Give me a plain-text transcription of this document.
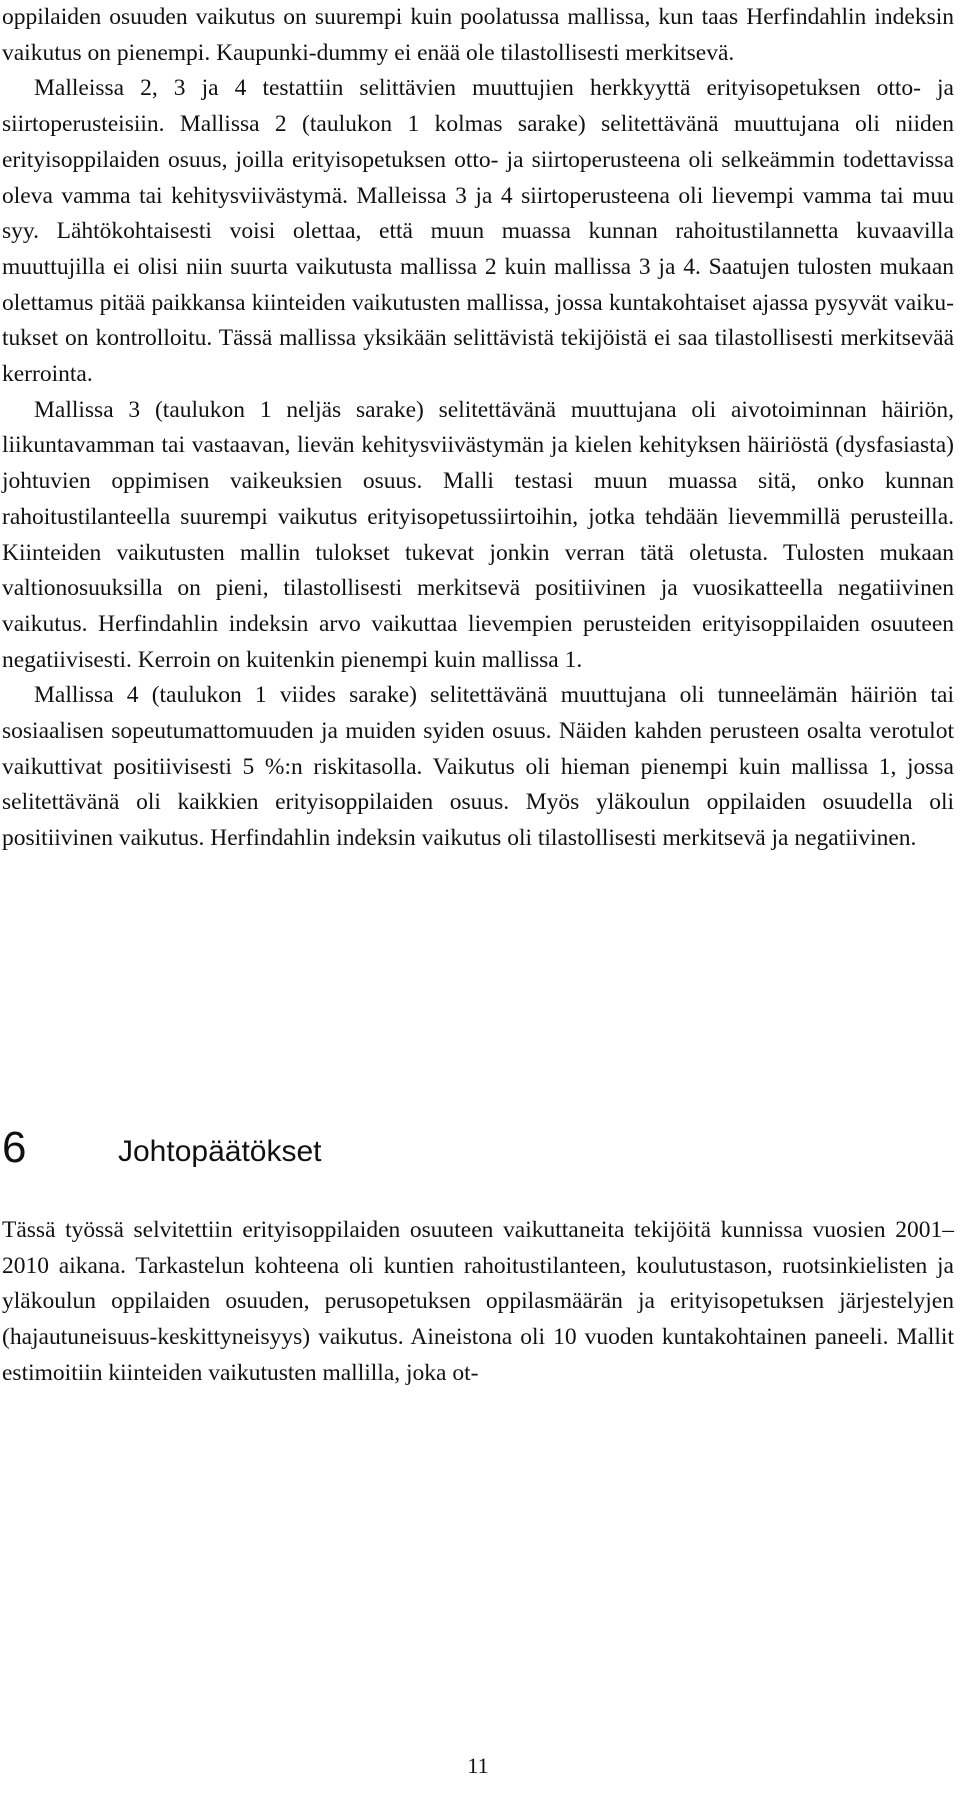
oppilaiden osuuden vaikutus on suurempi kuin poolatussa mallissa, kun taas Herfindahlin indeksin vaikutus on pienempi. Kaupunki-dummy ei enää ole tilastollisesti merkitsevä.

Malleissa 2, 3 ja 4 testattiin selittävien muuttujien herkkyyttä erityisopetuksen otto- ja siirtoperusteisiin. Mallissa 2 (taulukon 1 kolmas sarake) selitettävänä muuttujana oli niiden erityisoppilaiden osuus, joilla erityisopetuksen otto- ja siirtoperusteena oli selkeämmin todettavissa oleva vamma tai kehitysviivästymä. Malleissa 3 ja 4 siirtoperusteena oli lievempi vamma tai muu syy. Lähtökohtaisesti voisi olettaa, että muun muassa kunnan rahoitustilannetta kuvaavilla muuttujilla ei olisi niin suurta vaikutusta mallissa 2 kuin mallissa 3 ja 4. Saatujen tulosten mukaan olettamus pitää paikkansa kiinteiden vaikutusten mallissa, jossa kuntakohtaiset ajassa pysyvät vaikutukset on kontrolloitu. Tässä mallissa yksikään selittävistä tekijöistä ei saa tilastollisesti merkitsevää kerrointa.

Mallissa 3 (taulukon 1 neljäs sarake) selitettävänä muuttujana oli aivotoiminnan häiriön, liikuntavamman tai vastaavan, lievän kehitysviivästymän ja kielen kehityksen häiriöstä (dysfasiasta) johtuvien oppimisen vaikeuksien osuus. Malli testasi muun muassa sitä, onko kunnan rahoitustilanteella suurempi vaikutus erityisopetussiirtoihin, jotka tehdään lievemmillä perusteilla. Kiinteiden vaikutusten mallin tulokset tukevat jonkin verran tätä oletusta. Tulosten mukaan valtionosuuksilla on pieni, tilastollisesti merkitsevä positiivinen ja vuosikatteella negatiivinen vaikutus. Herfindahlin indeksin arvo vaikuttaa lievempien perusteiden erityisoppilaiden osuuteen negatiivisesti. Kerroin on kuitenkin pienempi kuin mallissa 1.

Mallissa 4 (taulukon 1 viides sarake) selitettävänä muuttujana oli tunneelämän häiriön tai sosiaalisen sopeutumattomuuden ja muiden syiden osuus. Näiden kahden perusteen osalta verotulot vaikuttivat positiivisesti 5 %:n riskitasolla. Vaikutus oli hieman pienempi kuin mallissa 1, jossa selitettävänä oli kaikkien erityisoppilaiden osuus. Myös yläkoulun oppilaiden osuudella oli positiivinen vaikutus. Herfindahlin indeksin vaikutus oli tilastollisesti merkitsevä ja negatiivinen.

6	Johtopäätökset

Tässä työssä selvitettiin erityisoppilaiden osuuteen vaikuttaneita tekijöitä kunnissa vuosien 2001–2010 aikana. Tarkastelun kohteena oli kuntien rahoitustilanteen, koulutustason, ruotsinkielisten ja yläkoulun oppilaiden osuuden, perusopetuksen oppilasmäärän ja erityisopetuksen järjestelyjen (hajautuneisuus-keskittyneisyys) vaikutus. Aineistona oli 10 vuoden kuntakohtainen paneeli. Mallit estimoitiin kiinteiden vaikutusten mallilla, joka ot-

11
